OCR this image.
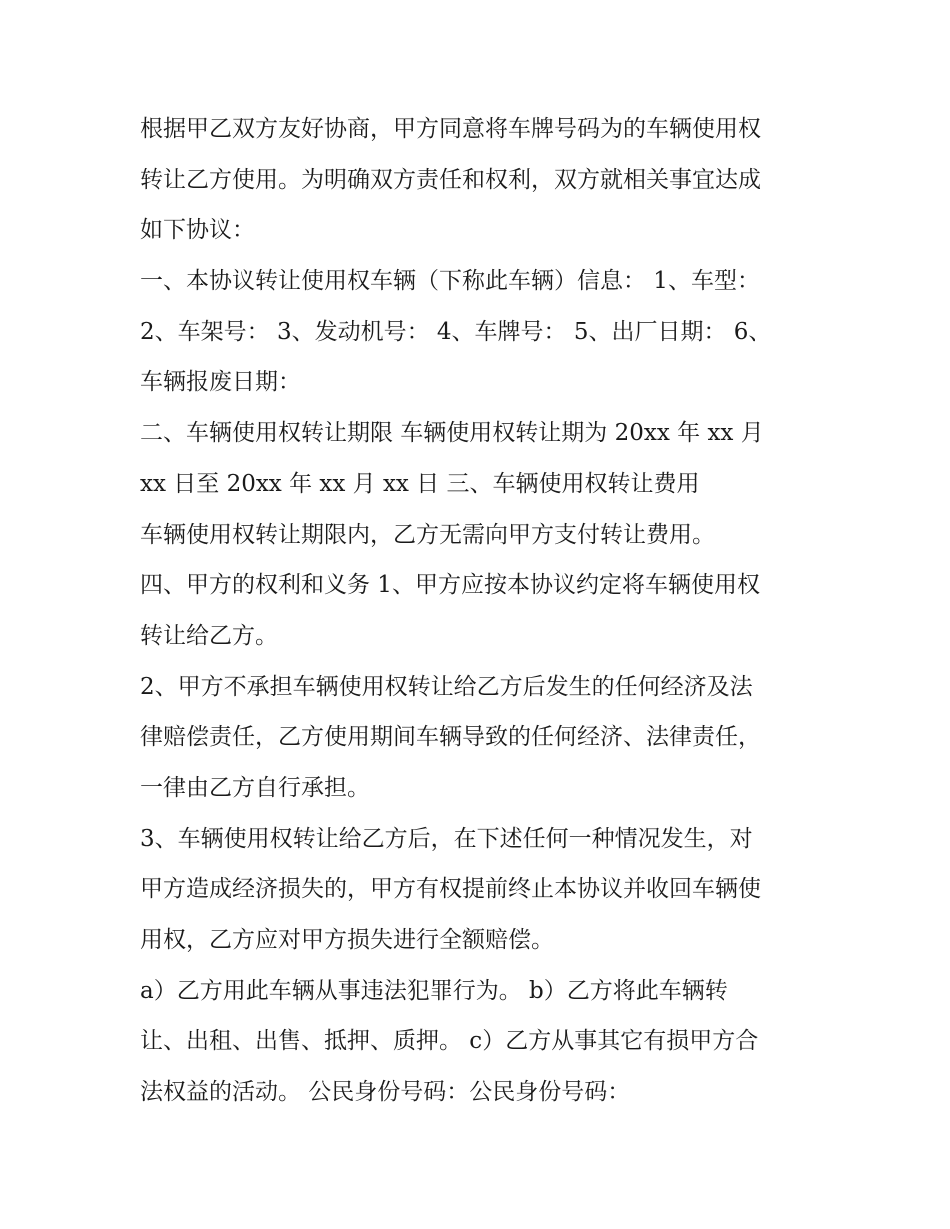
根据甲乙双方友好协商，甲方同意将车牌号码为的车辆使用权
转让乙方使用。为明确双方责任和权利，双方就相关事宜达成
如下协议：
一、本协议转让使用权车辆（下称此车辆）信息： 1、车型：
2、车架号： 3、发动机号： 4、车牌号： 5、出厂日期： 6、
车辆报废日期：
二、车辆使用权转让期限 车辆使用权转让期为 20xx 年 xx 月
xx 日至 20xx 年 xx 月 xx 日 三、车辆使用权转让费用
车辆使用权转让期限内，乙方无需向甲方支付转让费用。
四、甲方的权利和义务 1、甲方应按本协议约定将车辆使用权
转让给乙方。
2、甲方不承担车辆使用权转让给乙方后发生的任何经济及法
律赔偿责任，乙方使用期间车辆导致的任何经济、法律责任，
一律由乙方自行承担。
3、车辆使用权转让给乙方后，在下述任何一种情况发生，对
甲方造成经济损失的，甲方有权提前终止本协议并收回车辆使
用权，乙方应对甲方损失进行全额赔偿。
a）乙方用此车辆从事违法犯罪行为。 b）乙方将此车辆转
让、出租、出售、抵押、质押。 c）乙方从事其它有损甲方合
法权益的活动。 公民身份号码：公民身份号码：
